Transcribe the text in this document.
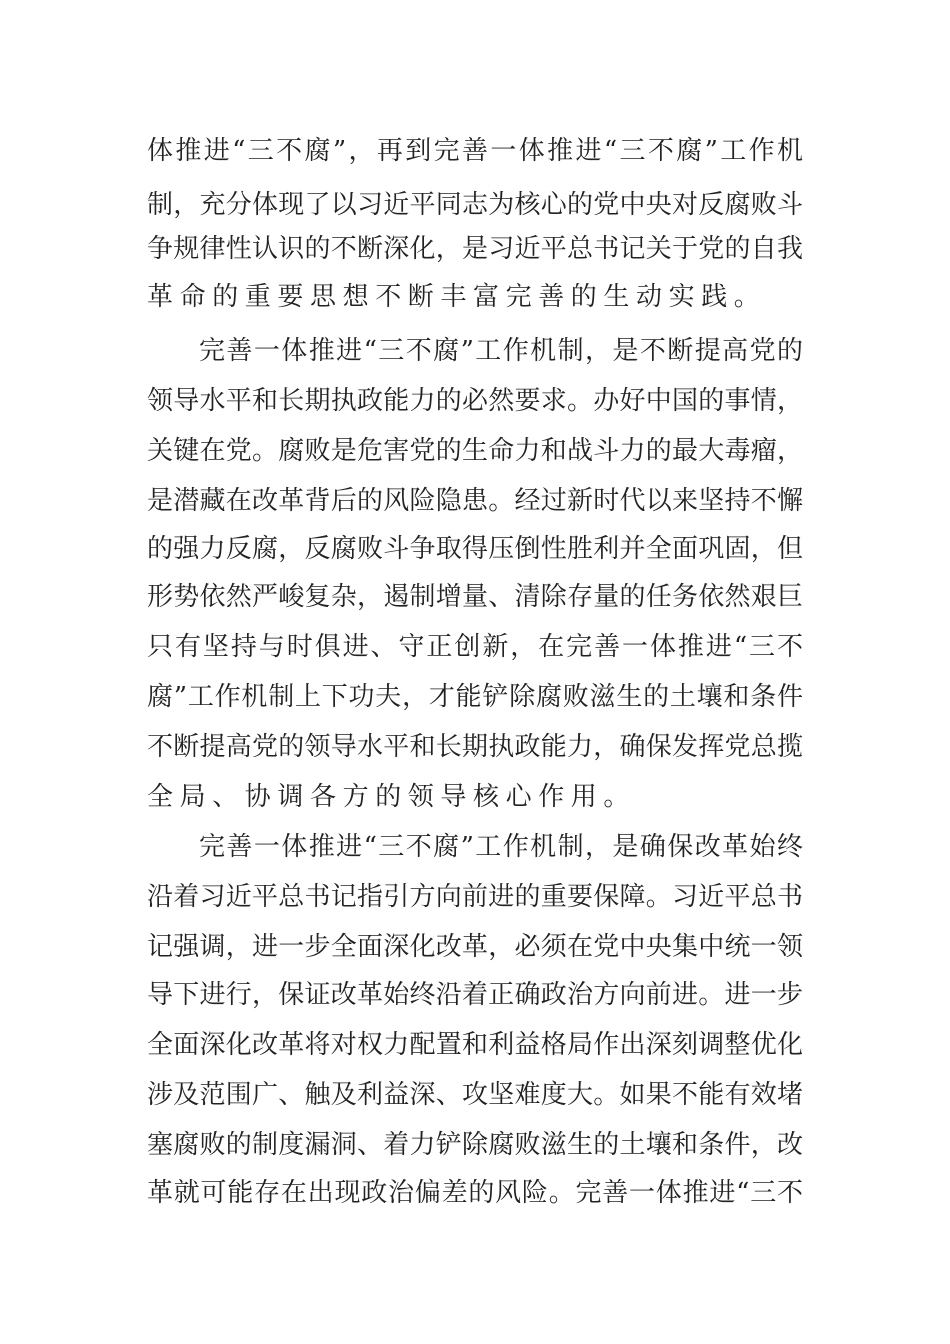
体推进“三不腐”，再到完善一体推进“三不腐”工作机
制，充分体现了以习近平同志为核心的党中央对反腐败斗
争规律性认识的不断深化，是习近平总书记关于党的自我
革命的重要思想不断丰富完善的生动实践。
完善一体推进“三不腐”工作机制，是不断提高党的
领导水平和长期执政能力的必然要求。办好中国的事情，
关键在党。腐败是危害党的生命力和战斗力的最大毒瘤，
是潜藏在改革背后的风险隐患。经过新时代以来坚持不懈
的强力反腐，反腐败斗争取得压倒性胜利并全面巩固，但
形势依然严峻复杂，遏制增量、清除存量的任务依然艰巨
只有坚持与时俱进、守正创新，在完善一体推进“三不
腐”工作机制上下功夫，才能铲除腐败滋生的土壤和条件
不断提高党的领导水平和长期执政能力，确保发挥党总揽
全局、协调各方的领导核心作用。
完善一体推进“三不腐”工作机制，是确保改革始终
沿着习近平总书记指引方向前进的重要保障。习近平总书
记强调，进一步全面深化改革，必须在党中央集中统一领
导下进行，保证改革始终沿着正确政治方向前进。进一步
全面深化改革将对权力配置和利益格局作出深刻调整优化
涉及范围广、触及利益深、攻坚难度大。如果不能有效堵
塞腐败的制度漏洞、着力铲除腐败滋生的土壤和条件，改
革就可能存在出现政治偏差的风险。完善一体推进“三不
